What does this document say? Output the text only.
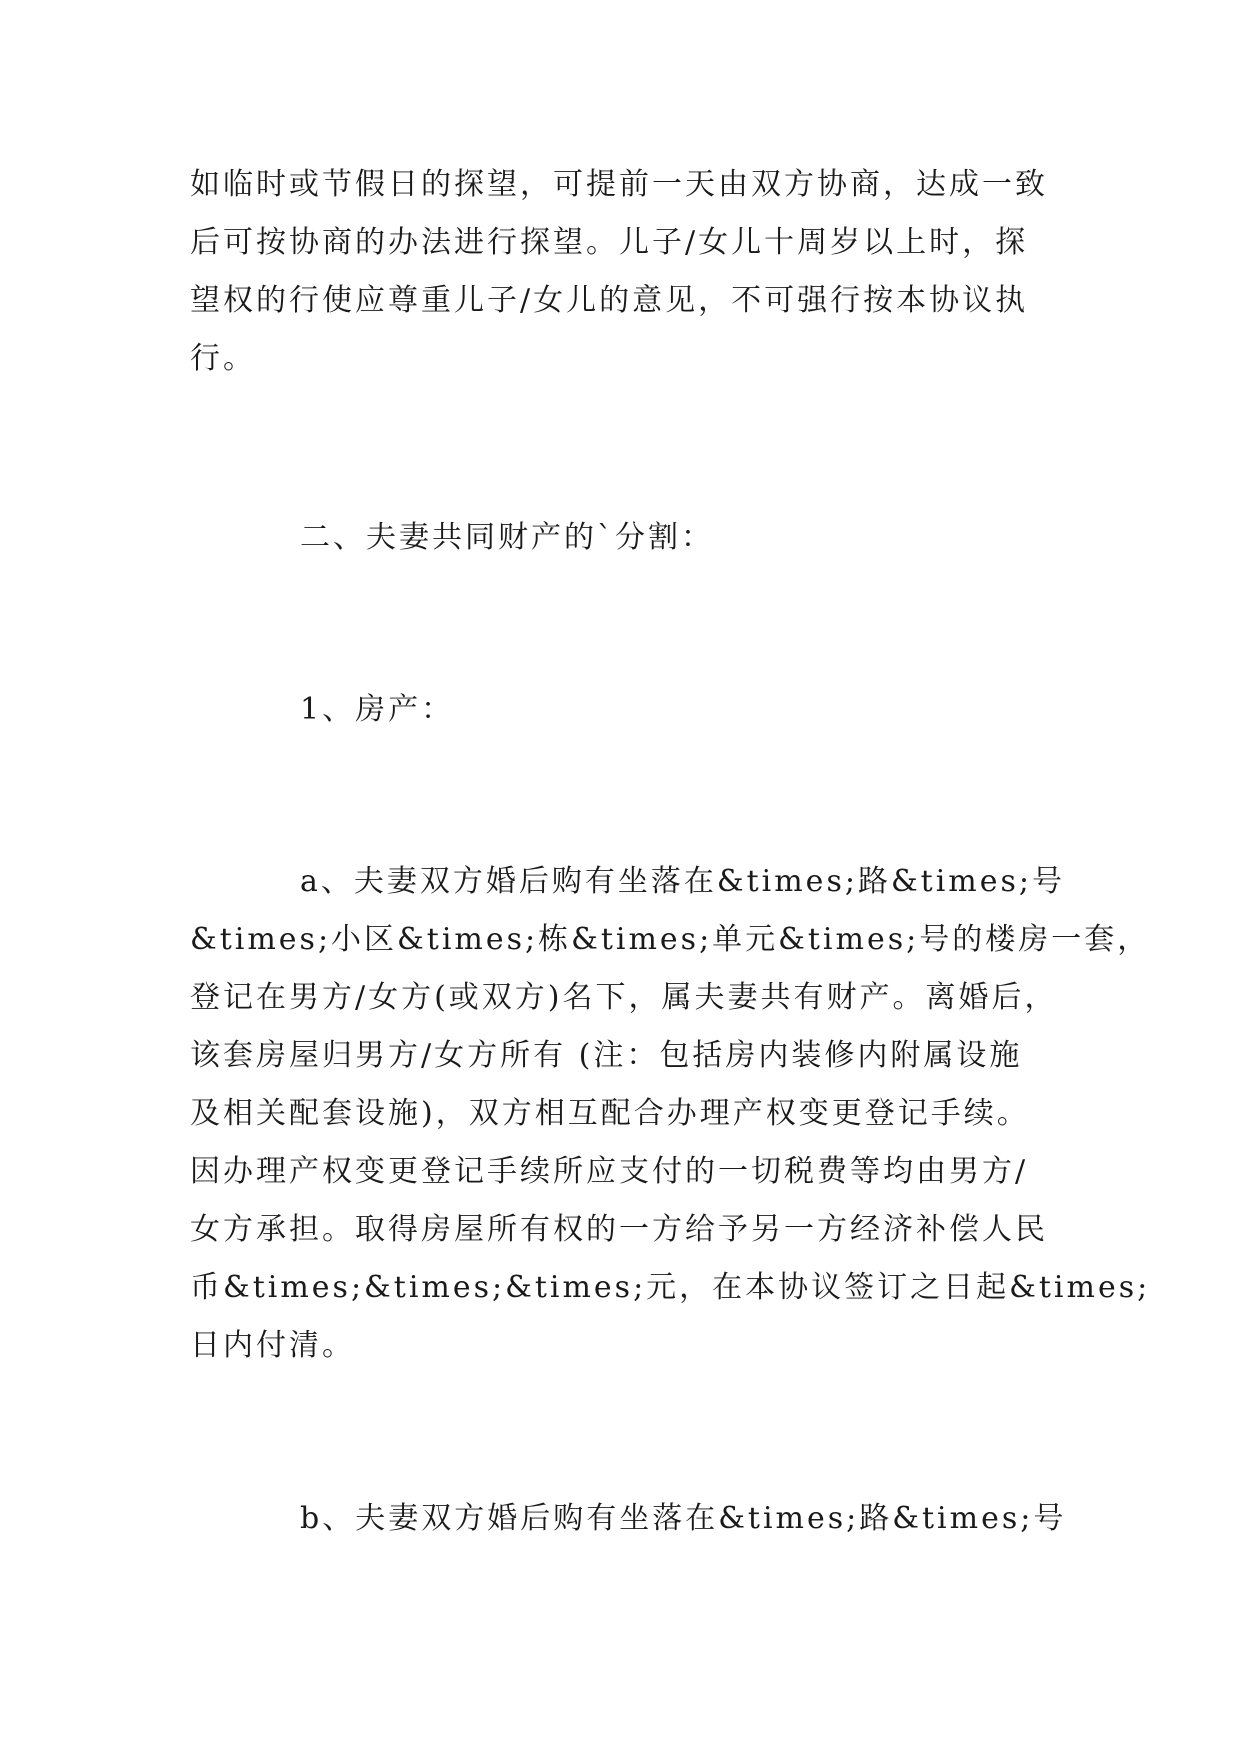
如临时或节假日的探望，可提前一天由双方协商，达成一致
后可按协商的办法进行探望。儿子/女儿十周岁以上时，探
望权的行使应尊重儿子/女儿的意见，不可强行按本协议执
行。
二、夫妻共同财产的`分割：
1、房产：
a、夫妻双方婚后购有坐落在&times;路&times;号
&times;小区&times;栋&times;单元&times;号的楼房一套，
登记在男方/女方(或双方)名下，属夫妻共有财产。离婚后，
该套房屋归男方/女方所有 (注：包括房内装修内附属设施
及相关配套设施)，双方相互配合办理产权变更登记手续。
因办理产权变更登记手续所应支付的一切税费等均由男方/
女方承担。取得房屋所有权的一方给予另一方经济补偿人民
币&times;&times;&times;元，在本协议签订之日起&times;
日内付清。
b、夫妻双方婚后购有坐落在&times;路&times;号
